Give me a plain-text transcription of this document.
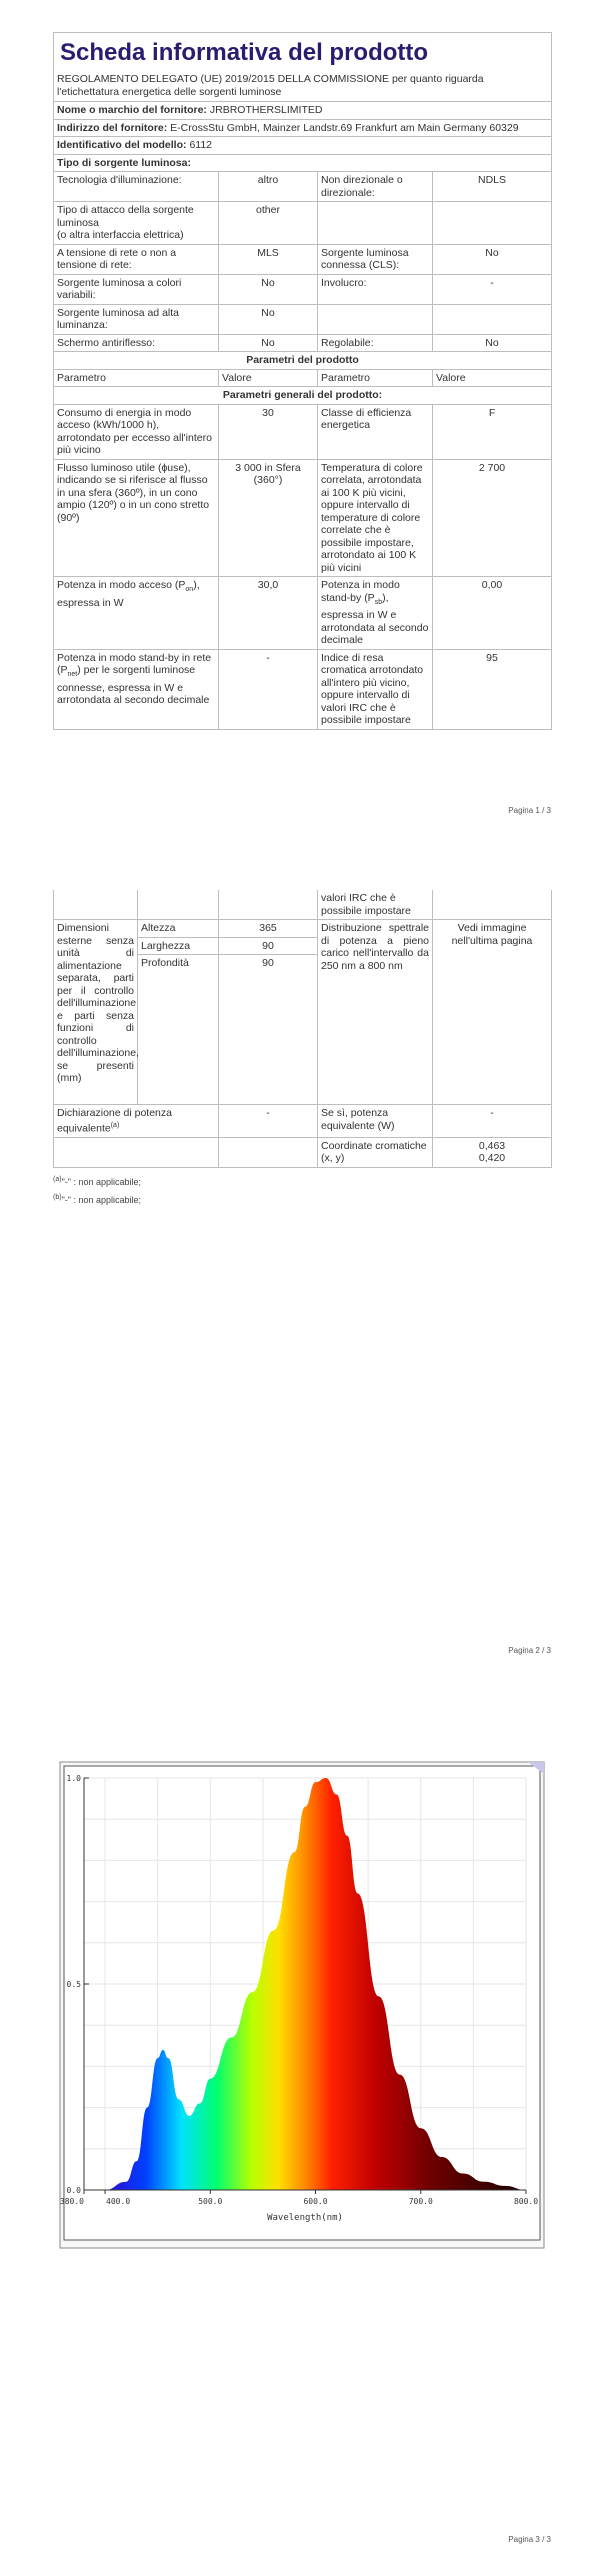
Scheda informativa del prodotto			

REGOLAMENTO DELEGATO (UE) 2019/2015 DELLA COMMISSIONE per quanto riguarda l'etichettatura energetica delle sorgenti luminose			

Nome o marchio del fornitore: JRBROTHERSLIMITED			
Indirizzo del fornitore: E-CrossStu GmbH, Mainzer Landstr.69 Frankfurt am Main Germany 60329			
Identificativo del modello: 6112			
Tipo di sorgente luminosa:			
Tecnologia d'illuminazione:	altro	Non direzionale o direzionale:	NDLS
Tipo di attacco della sorgente luminosa
(o altra interfaccia elettrica)	other		
A tensione di rete o non a tensione di rete:	MLS	Sorgente luminosa connessa (CLS):	No
Sorgente luminosa a colori variabili:	No	Involucro:	-
Sorgente luminosa ad alta luminanza:	No		
Schermo antiriflesso:	No	Regolabile:	No
Parametri del prodotto			
Parametro	Valore	Parametro	Valore
Parametri generali del prodotto:			
Consumo di energia in modo acceso (kWh/1000 h), arrotondato per eccesso all'intero più vicino	30	Classe di efficienza energetica	F
Flusso luminoso utile (ɸuse), indicando se si riferisce al flusso in una sfera (360º), in un cono ampio (120º) o in un cono stretto (90º)	3 000 in Sfera (360°)	Temperatura di colore correlata, arrotondata ai 100 K più vicini, oppure intervallo di temperature di colore correlate che è possibile impostare, arrotondato ai 100 K più vicini	2 700
Potenza in modo acceso $(P_{on})$, espressa in W	30,0	Potenza in modo stand-by $(P_{sb})$, espressa in W e arrotondata al secondo decimale	0,00
Potenza in modo stand-by in rete $(P_{net})$ per le sorgenti luminose connesse, espressa in W e arrotondata al secondo decimale	-	Indice di resa cromatica arrotondato all'intero più vicino, oppure intervallo di valori IRC che è possibile impostare	95
Pagina 1 / 3
			valori IRC che è possibile impostare	
Dimensioni esterne senza unità di alimentazione separata, parti per il controllo dell'illuminazione e parti senza funzioni di controllo dell'illuminazione, se presenti (mm)	Altezza	365	Distribuzione spettrale di potenza a pieno carico nell'intervallo da 250 nm a 800 nm	Vedi immagine nell'ultima pagina
	Larghezza	90		
	Profondità	90		
Dichiarazione di potenza equivalente$^{(a)}$		-	Se sì, potenza equivalente (W)	-
			Coordinate cromatiche (x, y)	0,463
0,420
$^{(a)}$"-" : non applicabile;
$^{(b)}$"-" : non applicabile;
Pagina 2 / 3
0.0
0.5
1.0
380.0	400.0	500.0	600.0	700.0	800.0
Wavelength(nm)
Pagina 3 / 3
